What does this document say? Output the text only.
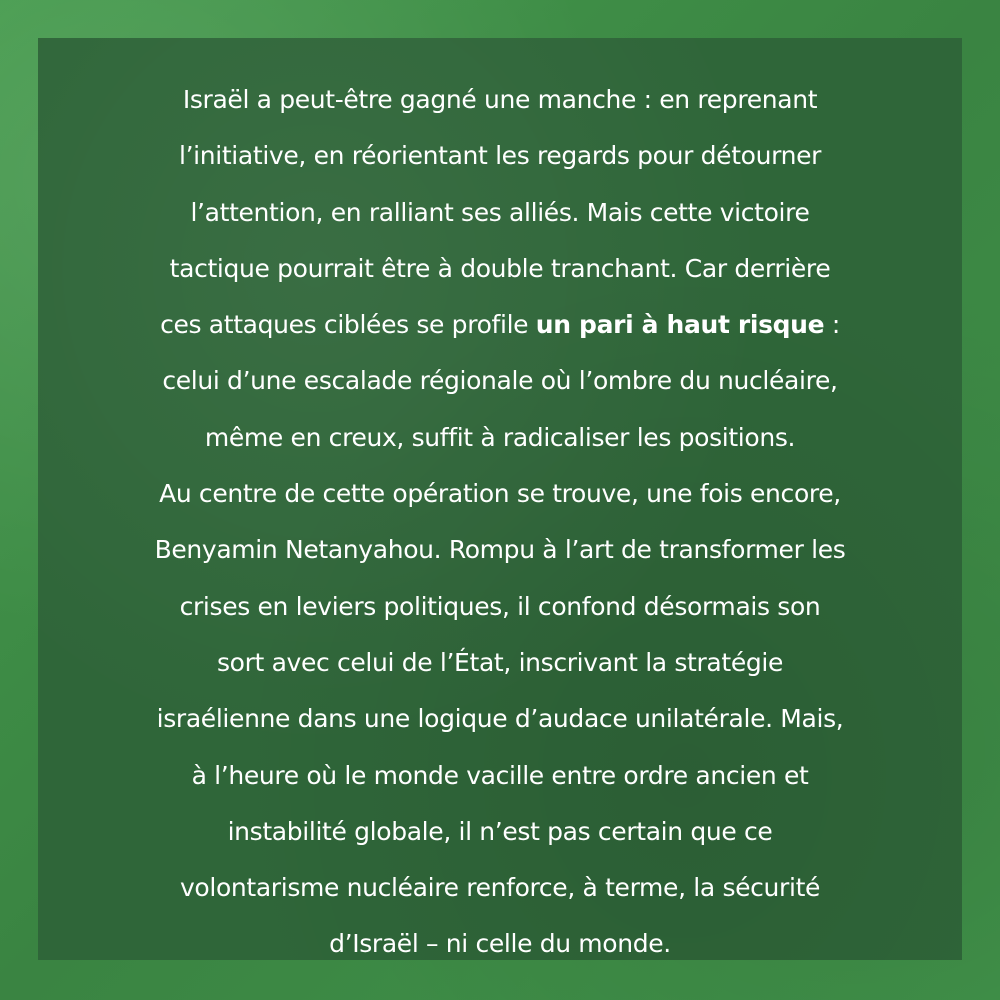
Israël a peut-être gagné une manche : en reprenant
l’initiative, en réorientant les regards pour détourner
l’attention, en ralliant ses alliés. Mais cette victoire
tactique pourrait être à double tranchant. Car derrière
ces attaques ciblées se profile un pari à haut risque :
celui d’une escalade régionale où l’ombre du nucléaire,
même en creux, suffit à radicaliser les positions.
Au centre de cette opération se trouve, une fois encore,
Benyamin Netanyahou. Rompu à l’art de transformer les
crises en leviers politiques, il confond désormais son
sort avec celui de l’État, inscrivant la stratégie
israélienne dans une logique d’audace unilatérale. Mais,
à l’heure où le monde vacille entre ordre ancien et
instabilité globale, il n’est pas certain que ce
volontarisme nucléaire renforce, à terme, la sécurité
d’Israël – ni celle du monde.
